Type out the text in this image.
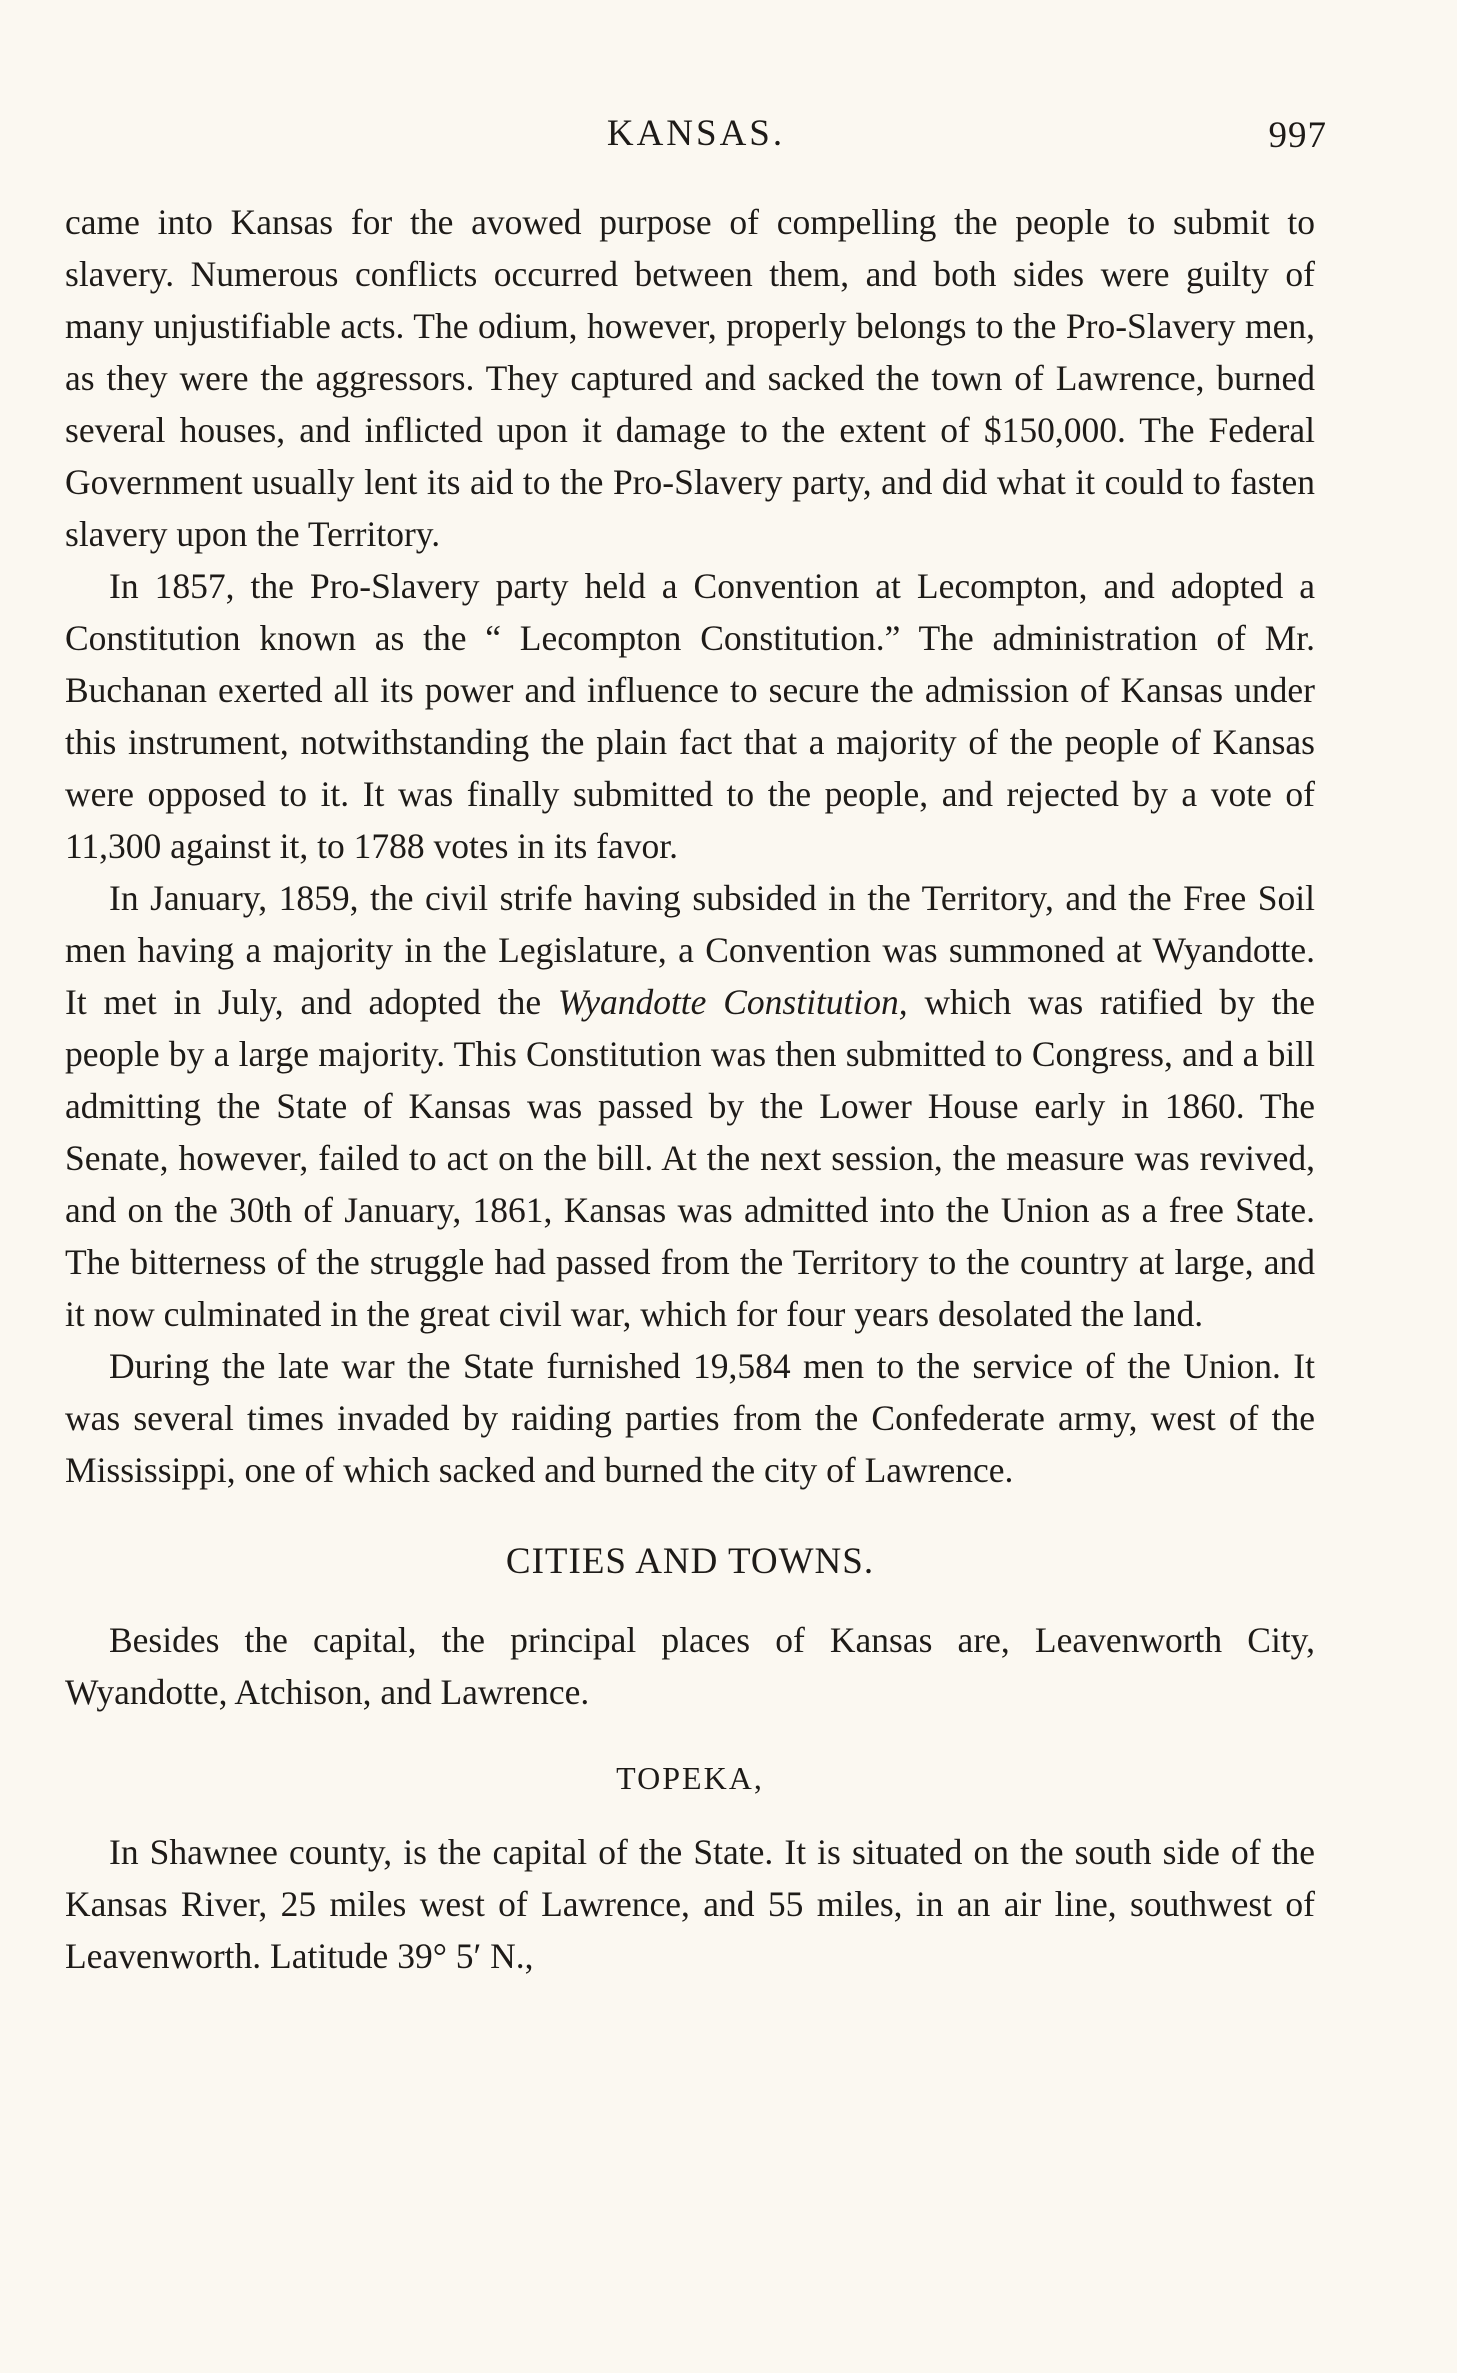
KANSAS.	997

came into Kansas for the avowed purpose of compelling the people to submit to slavery. Numerous conflicts occurred between them, and both sides were guilty of many unjustifiable acts. The odium, however, properly belongs to the Pro-Slavery men, as they were the aggressors. They captured and sacked the town of Lawrence, burned several houses, and inflicted upon it damage to the extent of $150,000. The Federal Government usually lent its aid to the Pro-Slavery party, and did what it could to fasten slavery upon the Territory.

In 1857, the Pro-Slavery party held a Convention at Lecompton, and adopted a Constitution known as the “ Lecompton Constitution.” The administration of Mr. Buchanan exerted all its power and influence to secure the admission of Kansas under this instrument, notwithstanding the plain fact that a majority of the people of Kansas were opposed to it. It was finally submitted to the people, and rejected by a vote of 11,300 against it, to 1788 votes in its favor.

In January, 1859, the civil strife having subsided in the Territory, and the Free Soil men having a majority in the Legislature, a Convention was summoned at Wyandotte. It met in July, and adopted the Wyandotte Constitution, which was ratified by the people by a large majority. This Constitution was then submitted to Congress, and a bill admitting the State of Kansas was passed by the Lower House early in 1860. The Senate, however, failed to act on the bill. At the next session, the measure was revived, and on the 30th of January, 1861, Kansas was admitted into the Union as a free State. The bitterness of the struggle had passed from the Territory to the country at large, and it now culminated in the great civil war, which for four years desolated the land.

During the late war the State furnished 19,584 men to the service of the Union. It was several times invaded by raiding parties from the Confederate army, west of the Mississippi, one of which sacked and burned the city of Lawrence.

CITIES AND TOWNS.

Besides the capital, the principal places of Kansas are, Leavenworth City, Wyandotte, Atchison, and Lawrence.

TOPEKA,

In Shawnee county, is the capital of the State. It is situated on the south side of the Kansas River, 25 miles west of Lawrence, and 55 miles, in an air line, southwest of Leavenworth. Latitude 39° 5′ N.,
